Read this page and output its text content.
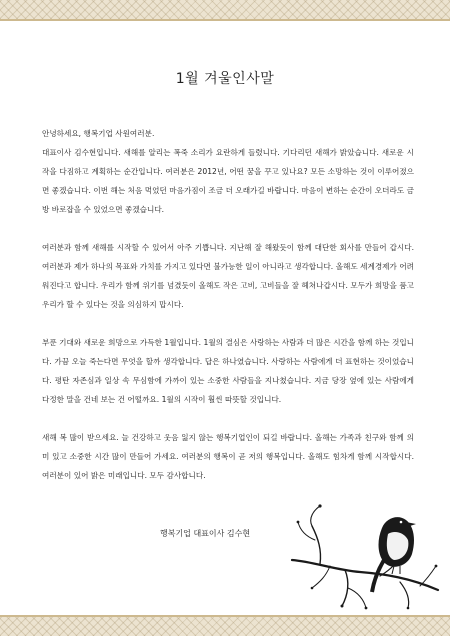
1월 겨울인사말

안녕하세요, 행복기업 사원여러분.

대표이사 김수현입니다. 새해를 알리는 폭죽 소리가 요란하게 들렸니다. 기다리던 새해가 밝았습니다. 새로운 시작을 다짐하고 계획하는 순간입니다. 여러분은 2012년, 어떤 꿈을 꾸고 있나요? 모든 소망하는 것이 이루어졌으면 좋겠습니다. 이번 해는 처음 먹었던 마음가짐이 조금 더 오래가길 바랍니다. 마음이 변하는 순간이 오더라도 금방 바로잡을 수 있었으면 좋겠습니다.

여러분과 함께 새해를 시작할 수 있어서 아주 기쁩니다. 지난해 잘 해왔듯이 함께 대단한 회사를 만들어 갑시다. 여러분과 제가 하나의 목표와 가치를 가지고 있다면 불가능한 일이 아니라고 생각합니다. 올해도 세계경제가 어려워진다고 합니다. 우리가 함께 위기를 넘겼듯이 올해도 작은 고비, 고비들을 잘 헤쳐나갑시다. 모두가 희망을 품고 우리가 할 수 있다는 것을 의심하지 맙시다.

부푼 기대와 새로운 희망으로 가득한 1월입니다. 1월의 결심은 사랑하는 사람과 더 많은 시간을 함께 하는 것입니다. 가끔 오늘 죽는다면 무엇을 할까 생각합니다. 답은 하나였습니다. 사랑하는 사람에게 더 표현하는 것이었습니다. 평탄 자존심과 일상 속 무심함에 가까이 있는 소중한 사람들을 지나쳤습니다. 지금 당장 옆에 있는 사람에게 다정한 말을 건네 보는 건 어떨까요. 1월의 시작이 훨씬 따뜻할 것입니다.

새해 복 많이 받으세요. 늘 건강하고 웃음 잃지 않는 행복기업인이 되길 바랍니다. 올해는 가족과 친구와 함께 의미 있고 소중한 시간 많이 만들어 가세요. 여러분의 행복이 곧 저의 행복입니다. 올해도 힘차게 함께 시작합시다. 여러분이 있어 밝은 미래입니다. 모두 감사합니다.

행복기업 대표이사 김수현
